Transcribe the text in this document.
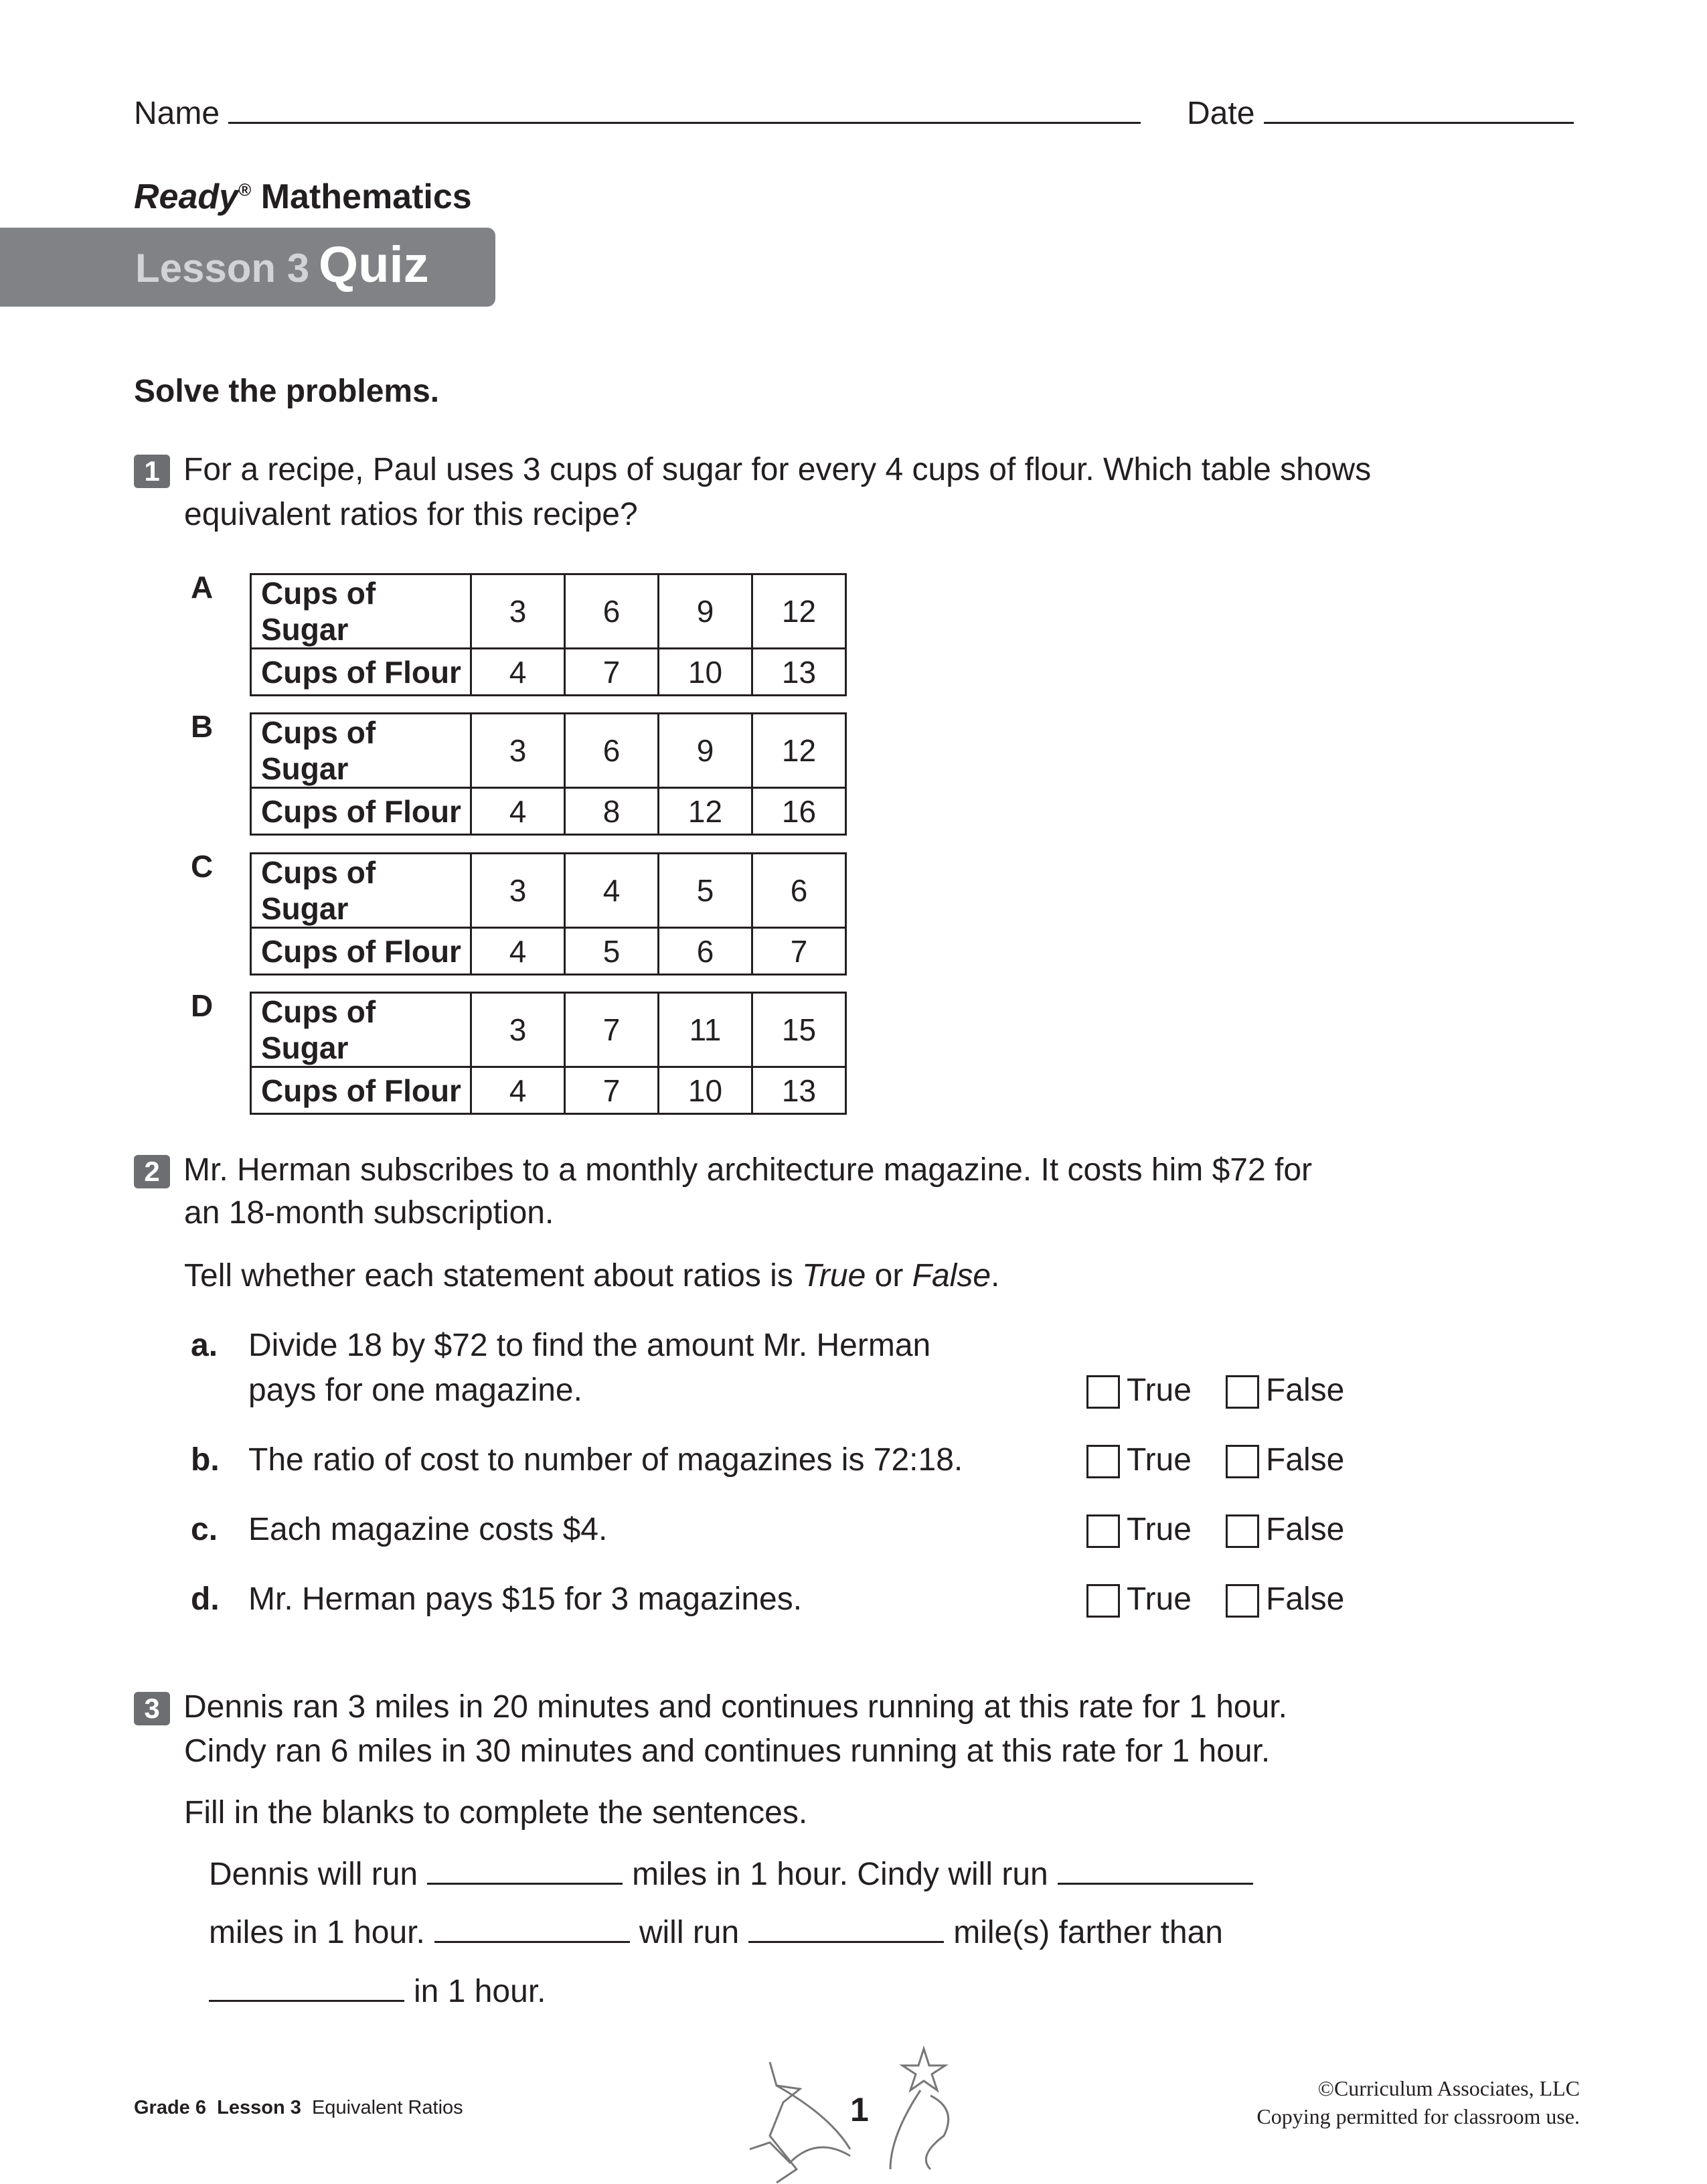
Name	Date
Ready® Mathematics
Lesson 3 Quiz
Solve the problems.
1 For a recipe, Paul uses 3 cups of sugar for every 4 cups of flour. Which table shows
equivalent ratios for this recipe?
A Cups of Sugar	3	6	9	12
Cups of Flour	4	7	10	13
B Cups of Sugar	3	6	9	12
Cups of Flour	4	8	12	16
C Cups of Sugar	3	4	5	6
Cups of Flour	4	5	6	7
D Cups of Sugar	3	7	11	15
Cups of Flour	4	7	10	13
2 Mr. Herman subscribes to a monthly architecture magazine. It costs him $72 for
an 18-month subscription.
Tell whether each statement about ratios is True or False.
a. Divide 18 by $72 to find the amount Mr. Herman
pays for one magazine.	True	False
b. The ratio of cost to number of magazines is 72:18.	True	False
c. Each magazine costs $4.	True	False
d. Mr. Herman pays $15 for 3 magazines.	True	False
3 Dennis ran 3 miles in 20 minutes and continues running at this rate for 1 hour.
Cindy ran 6 miles in 30 minutes and continues running at this rate for 1 hour.
Fill in the blanks to complete the sentences.
Dennis will run	miles in 1 hour. Cindy will run
miles in 1 hour.	will run	mile(s) farther than
in 1 hour.
Grade 6 Lesson 3 Equivalent Ratios	1
©Curriculum Associates, LLC
Copying permitted for classroom use.
